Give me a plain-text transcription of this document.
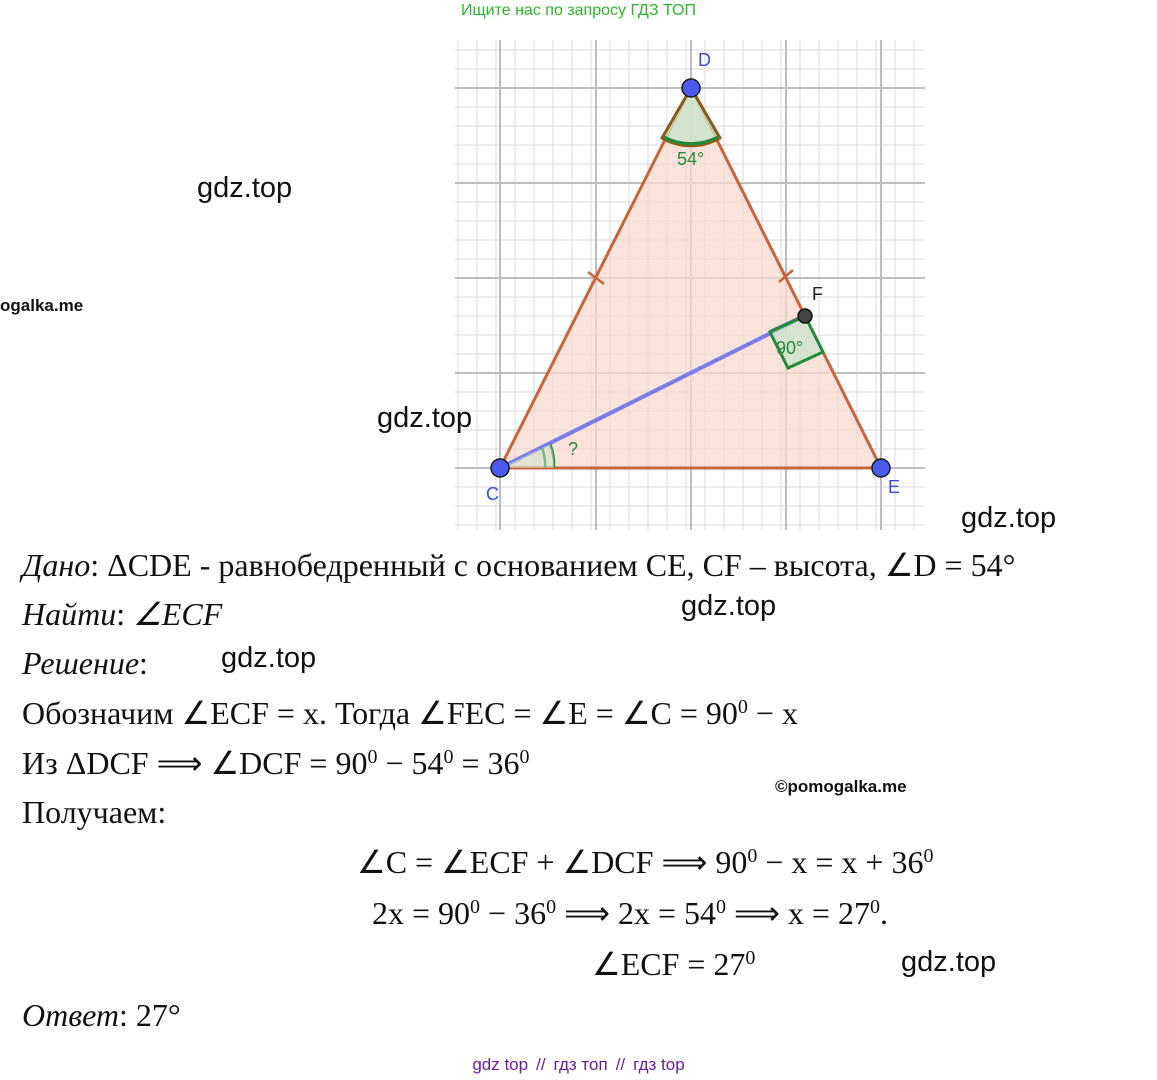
Ищите нас по запросу ГДЗ ТОП
D
F
C	E
54°
90°
?
gdz.top
ogalka.me
gdz.top
gdz.top
gdz.top
gdz.top
©pomogalka.me
gdz.top
Дано: ΔCDE - равнобедренный с основанием CE, CF – высота, ∠D = 54°
Найти: ∠ECF
Решение:
Обозначим ∠ECF = x. Тогда ∠FEC = ∠E = ∠C = $90^0 - x$
Из ΔDCF ⟹ ∠DCF = $90^0 - 54^0 = 36^0$
Получаем:
∠C = ∠ECF + ∠DCF ⟹ $90^0 - x = x + 36^0$
$2x = 90^0 - 36^0$ ⟹ $2x = 54^0$ ⟹ $x = 27^0$.
∠ECF = $27^0$
Ответ: 27°
gdz top // гдз топ // гдз top
